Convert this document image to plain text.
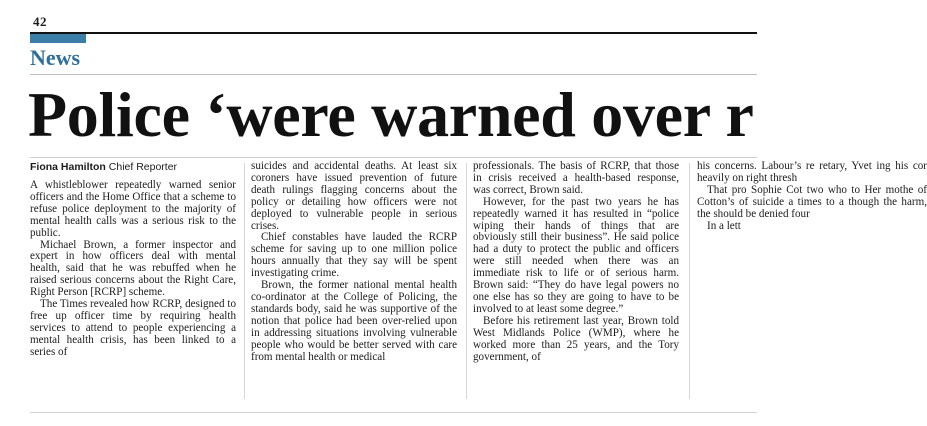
42
News
Police ‘were warned over r
Fiona Hamilton Chief Reporter

A whistleblower repeatedly warned senior officers and the Home Office that a scheme to refuse police deployment to the majority of mental health calls was a serious risk to the public.

Michael Brown, a former inspector and expert in how officers deal with mental health, said that he was rebuffed when he raised serious concerns about the Right Care, Right Person [RCRP] scheme.

The Times revealed how RCRP, designed to free up officer time by requiring health services to attend to people experiencing a mental health crisis, has been linked to a series of

suicides and accidental deaths. At least six coroners have issued prevention of future death rulings flagging concerns about the policy or detailing how officers were not deployed to vulnerable people in serious crises.

Chief constables have lauded the RCRP scheme for saving up to one million police hours annually that they say will be spent investigating crime.

Brown, the former national mental health co-ordinator at the College of Policing, the standards body, said he was supportive of the notion that police had been over-relied upon in addressing situations involving vulnerable people who would be better served with care from mental health or medical

professionals. The basis of RCRP, that those in crisis received a health-based response, was correct, Brown said.

However, for the past two years he has repeatedly warned it has resulted in “police wiping their hands of things that are obviously still their business”. He said police had a duty to protect the public and officers were still needed when there was an immediate risk to life or of serious harm. Brown said: “They do have legal powers no one else has so they are going to have to be involved to at least some degree.”

Before his retirement last year, Brown told West Midlands Police (WMP), where he worked more than 25 years, and the Tory government, of

his concerns. Labour’s re retary, Yvet ing his cor heavily on right thresh

That pro Sophie Cot two who to Her mothe of Cotton’s of suicide a times to a though the harm, the should be denied four

In a lett
